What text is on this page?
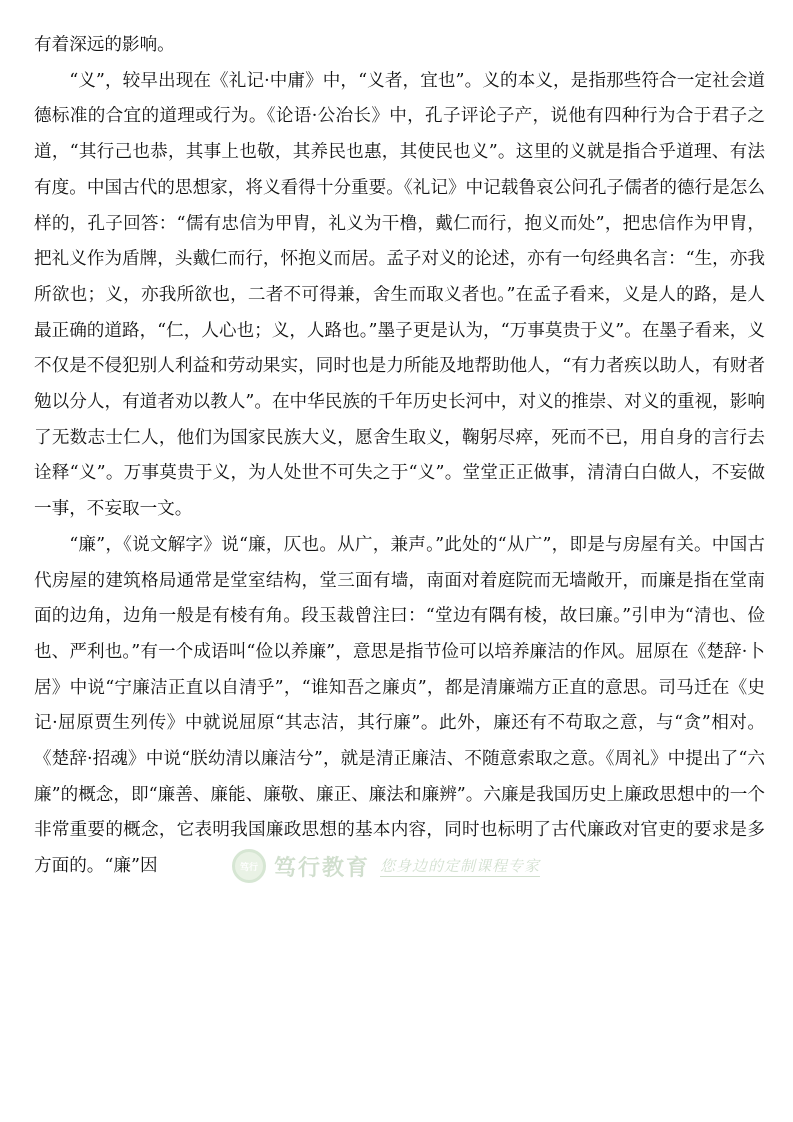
有着深远的影响。

“义”，较早出现在《礼记·中庸》中，“义者，宜也”。义的本义，是指那些符合一定社会道德标准的合宜的道理或行为。《论语·公冶长》中，孔子评论子产，说他有四种行为合于君子之道，“其行己也恭，其事上也敬，其养民也惠，其使民也义”。这里的义就是指合乎道理、有法有度。中国古代的思想家，将义看得十分重要。《礼记》中记载鲁哀公问孔子儒者的德行是怎么样的，孔子回答：“儒有忠信为甲胄，礼义为干橹，戴仁而行，抱义而处”，把忠信作为甲胄，把礼义作为盾牌，头戴仁而行，怀抱义而居。孟子对义的论述，亦有一句经典名言：“生，亦我所欲也；义，亦我所欲也，二者不可得兼，舍生而取义者也。”在孟子看来，义是人的路，是人最正确的道路，“仁，人心也；义，人路也。”墨子更是认为，“万事莫贵于义”。在墨子看来，义不仅是不侵犯别人利益和劳动果实，同时也是力所能及地帮助他人，“有力者疾以助人，有财者勉以分人，有道者劝以教人”。在中华民族的千年历史长河中，对义的推崇、对义的重视，影响了无数志士仁人，他们为国家民族大义，愿舍生取义，鞠躬尽瘁，死而不已，用自身的言行去诠释“义”。万事莫贵于义，为人处世不可失之于“义”。堂堂正正做事，清清白白做人，不妄做一事，不妄取一文。

“廉”，《说文解字》说“廉，仄也。从广，兼声。”此处的“从广”，即是与房屋有关。中国古代房屋的建筑格局通常是堂室结构，堂三面有墙，南面对着庭院而无墙敞开，而廉是指在堂南面的边角，边角一般是有棱有角。段玉裁曾注曰：“堂边有隅有棱，故曰廉。”引申为“清也、俭也、严利也。”有一个成语叫“俭以养廉”，意思是指节俭可以培养廉洁的作风。屈原在《楚辞·卜居》中说“宁廉洁正直以自清乎”，“谁知吾之廉贞”，都是清廉端方正直的意思。司马迁在《史记·屈原贾生列传》中就说屈原“其志洁，其行廉”。此外，廉还有不苟取之意，与“贪”相对。《楚辞·招魂》中说“朕幼清以廉洁兮”，就是清正廉洁、不随意索取之意。《周礼》中提出了“六廉”的概念，即“廉善、廉能、廉敬、廉正、廉法和廉辨”。六廉是我国历史上廉政思想中的一个非常重要的概念，它表明我国廉政思想的基本内容，同时也标明了古代廉政对官吏的要求是多方面的。“廉”因	笃行 笃行教育 您身边的定制课程专家
